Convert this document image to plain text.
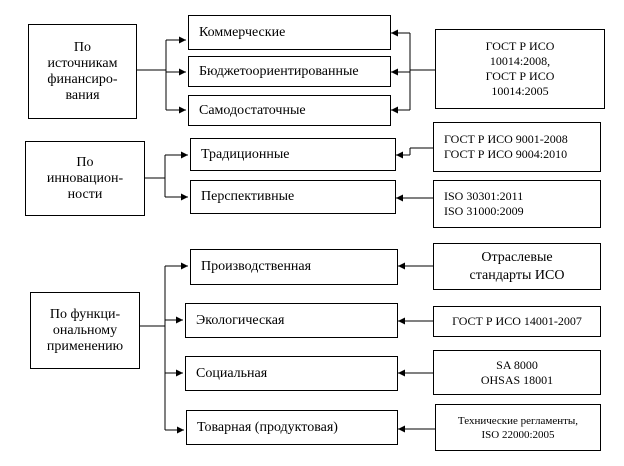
По
источникам
финансиро-
вания
Коммерческие
Бюджетоориентированные
Самодостаточные
ГОСТ Р ИСО
10014:2008,
ГОСТ Р ИСО
10014:2005
По
инновацион-
ности
Традиционные
Перспективные
ГОСТ Р ИСО 9001-2008
ГОСТ Р ИСО 9004:2010
ISO 30301:2011
ISO 31000:2009
По функци-
ональному
применению
Производственная
Экологическая
Социальная
Товарная (продуктовая)
Отраслевые
стандарты ИСО
ГОСТ Р ИСО 14001-2007
SA 8000
OHSAS 18001
Технические регламенты,
ISO 22000:2005
